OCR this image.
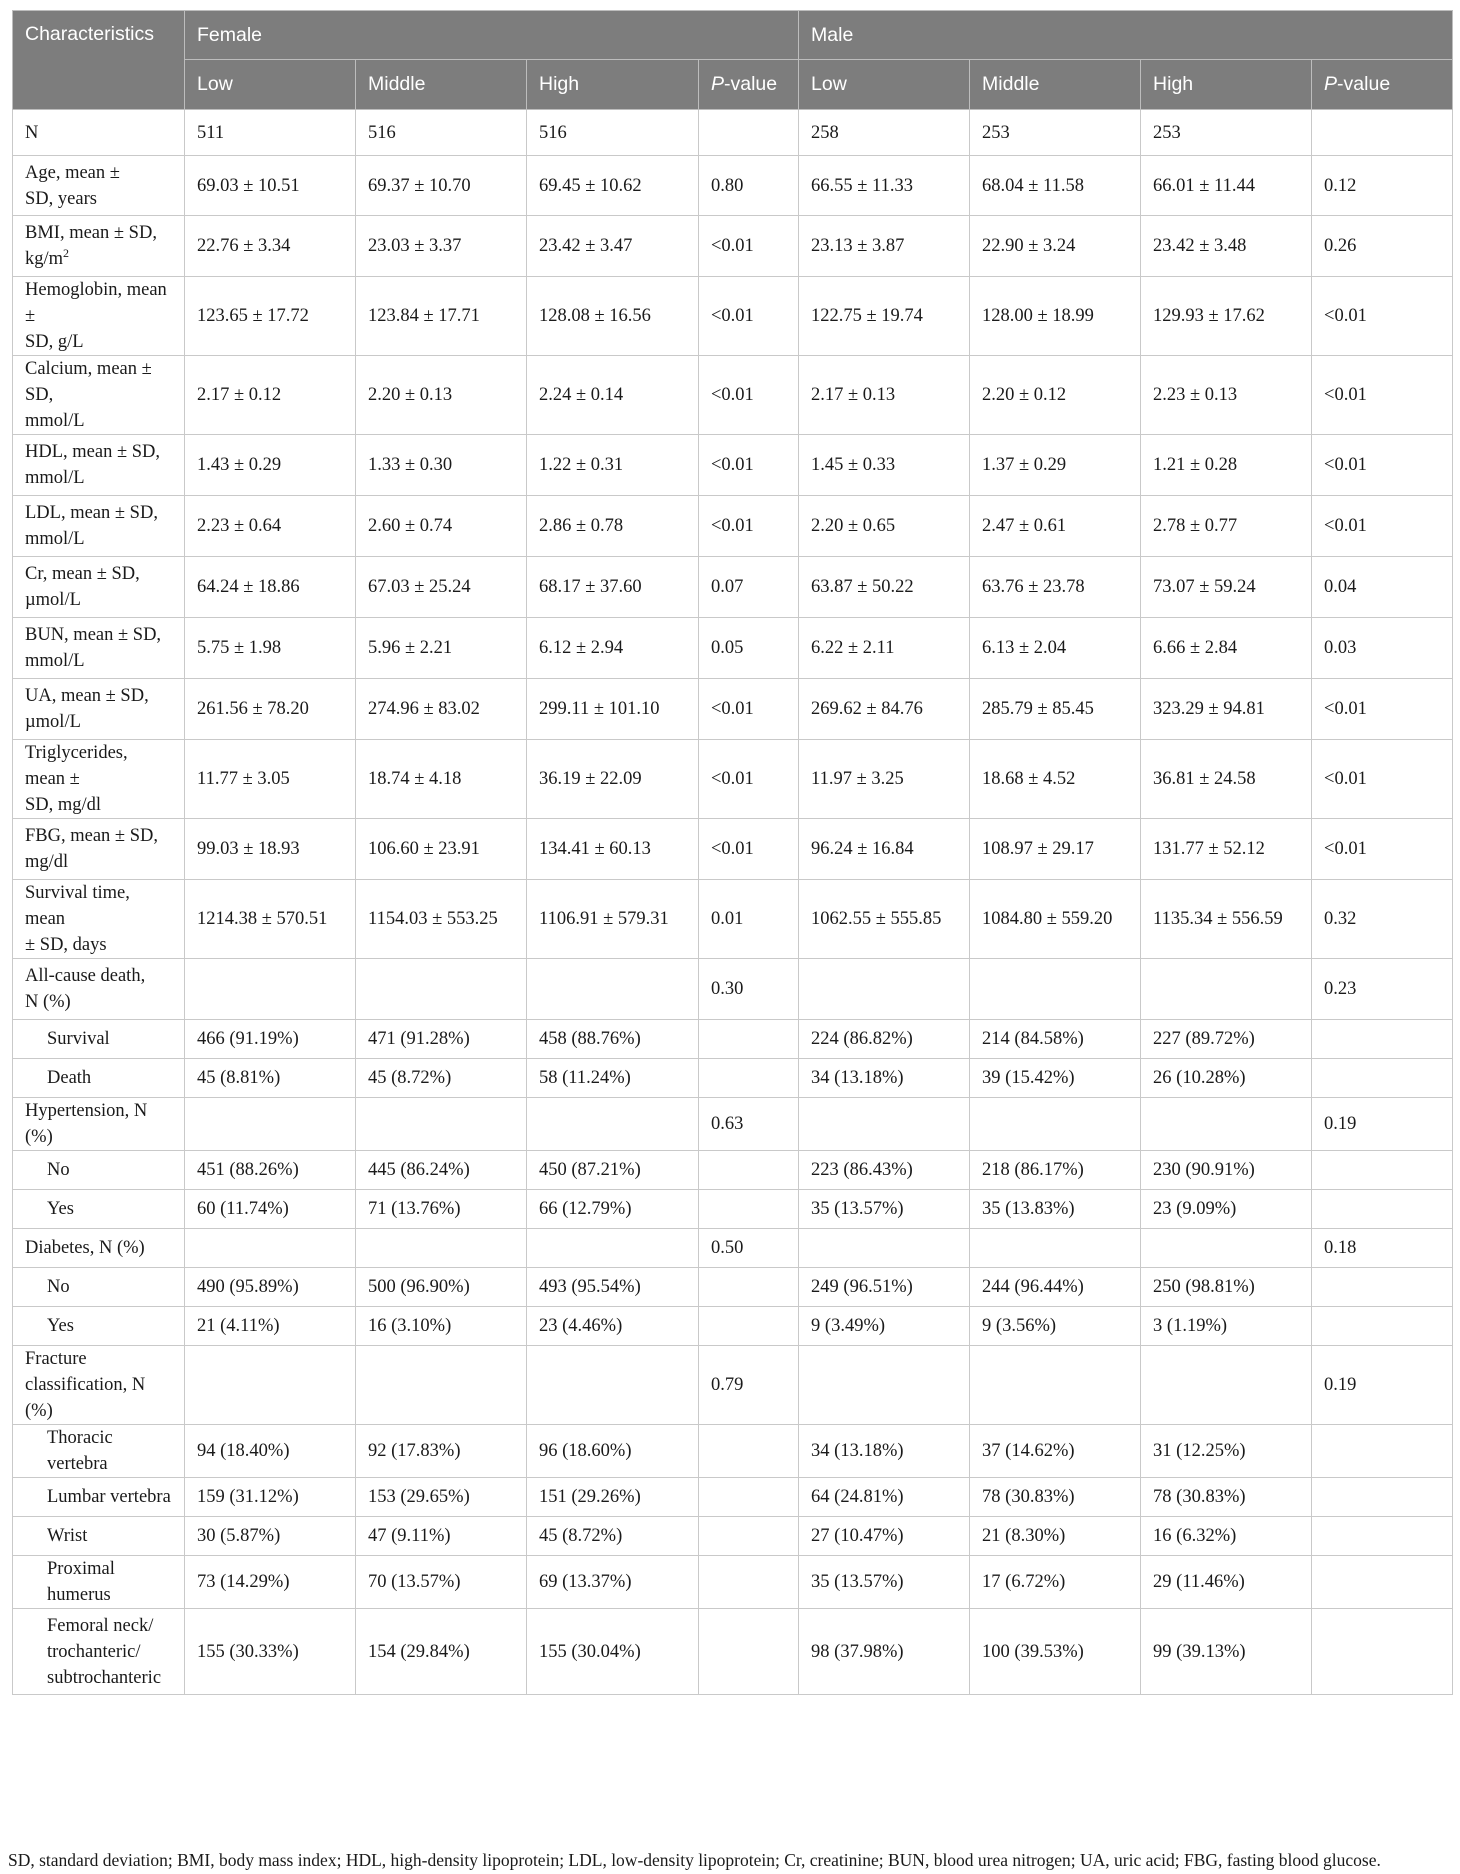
Characteristics	Female				Male			
	Low	Middle	High	P-value	Low	Middle	High	P-value
N	511	516	516		258	253	253	
Age, mean ±
SD, years	69.03 ± 10.51	69.37 ± 10.70	69.45 ± 10.62	0.80	66.55 ± 11.33	68.04 ± 11.58	66.01 ± 11.44	0.12
BMI, mean ± SD,
$kg/m^2$	22.76 ± 3.34	23.03 ± 3.37	23.42 ± 3.47	<0.01	23.13 ± 3.87	22.90 ± 3.24	23.42 ± 3.48	0.26
Hemoglobin, mean ±
SD, g/L	123.65 ± 17.72	123.84 ± 17.71	128.08 ± 16.56	<0.01	122.75 ± 19.74	128.00 ± 18.99	129.93 ± 17.62	<0.01
Calcium, mean ± SD,
mmol/L	2.17 ± 0.12	2.20 ± 0.13	2.24 ± 0.14	<0.01	2.17 ± 0.13	2.20 ± 0.12	2.23 ± 0.13	<0.01
HDL, mean ± SD,
mmol/L	1.43 ± 0.29	1.33 ± 0.30	1.22 ± 0.31	<0.01	1.45 ± 0.33	1.37 ± 0.29	1.21 ± 0.28	<0.01
LDL, mean ± SD,
mmol/L	2.23 ± 0.64	2.60 ± 0.74	2.86 ± 0.78	<0.01	2.20 ± 0.65	2.47 ± 0.61	2.78 ± 0.77	<0.01
Cr, mean ± SD,
µmol/L	64.24 ± 18.86	67.03 ± 25.24	68.17 ± 37.60	0.07	63.87 ± 50.22	63.76 ± 23.78	73.07 ± 59.24	0.04
BUN, mean ± SD,
mmol/L	5.75 ± 1.98	5.96 ± 2.21	6.12 ± 2.94	0.05	6.22 ± 2.11	6.13 ± 2.04	6.66 ± 2.84	0.03
UA, mean ± SD,
µmol/L	261.56 ± 78.20	274.96 ± 83.02	299.11 ± 101.10	<0.01	269.62 ± 84.76	285.79 ± 85.45	323.29 ± 94.81	<0.01
Triglycerides, mean ±
SD, mg/dl	11.77 ± 3.05	18.74 ± 4.18	36.19 ± 22.09	<0.01	11.97 ± 3.25	18.68 ± 4.52	36.81 ± 24.58	<0.01
FBG, mean ± SD,
mg/dl	99.03 ± 18.93	106.60 ± 23.91	134.41 ± 60.13	<0.01	96.24 ± 16.84	108.97 ± 29.17	131.77 ± 52.12	<0.01
Survival time, mean
± SD, days	1214.38 ± 570.51	1154.03 ± 553.25	1106.91 ± 579.31	0.01	1062.55 ± 555.85	1084.80 ± 559.20	1135.34 ± 556.59	0.32
All-cause death,
N (%)				0.30				0.23
Survival	466 (91.19%)	471 (91.28%)	458 (88.76%)		224 (86.82%)	214 (84.58%)	227 (89.72%)	
Death	45 (8.81%)	45 (8.72%)	58 (11.24%)		34 (13.18%)	39 (15.42%)	26 (10.28%)	
Hypertension, N (%)				0.63				0.19
No	451 (88.26%)	445 (86.24%)	450 (87.21%)		223 (86.43%)	218 (86.17%)	230 (90.91%)	
Yes	60 (11.74%)	71 (13.76%)	66 (12.79%)		35 (13.57%)	35 (13.83%)	23 (9.09%)	
Diabetes, N (%)				0.50				0.18
No	490 (95.89%)	500 (96.90%)	493 (95.54%)		249 (96.51%)	244 (96.44%)	250 (98.81%)	
Yes	21 (4.11%)	16 (3.10%)	23 (4.46%)		9 (3.49%)	9 (3.56%)	3 (1.19%)	
Fracture
classification, N (%)				0.79				0.19
Thoracic vertebra	94 (18.40%)	92 (17.83%)	96 (18.60%)		34 (13.18%)	37 (14.62%)	31 (12.25%)	
Lumbar vertebra	159 (31.12%)	153 (29.65%)	151 (29.26%)		64 (24.81%)	78 (30.83%)	78 (30.83%)	
Wrist	30 (5.87%)	47 (9.11%)	45 (8.72%)		27 (10.47%)	21 (8.30%)	16 (6.32%)	
Proximal humerus	73 (14.29%)	70 (13.57%)	69 (13.37%)		35 (13.57%)	17 (6.72%)	29 (11.46%)	
Femoral neck/
trochanteric/
subtrochanteric	155 (30.33%)	154 (29.84%)	155 (30.04%)		98 (37.98%)	100 (39.53%)	99 (39.13%)	
SD, standard deviation; BMI, body mass index; HDL, high-density lipoprotein; LDL, low-density lipoprotein; Cr, creatinine; BUN, blood urea nitrogen; UA, uric acid; FBG, fasting blood glucose.
